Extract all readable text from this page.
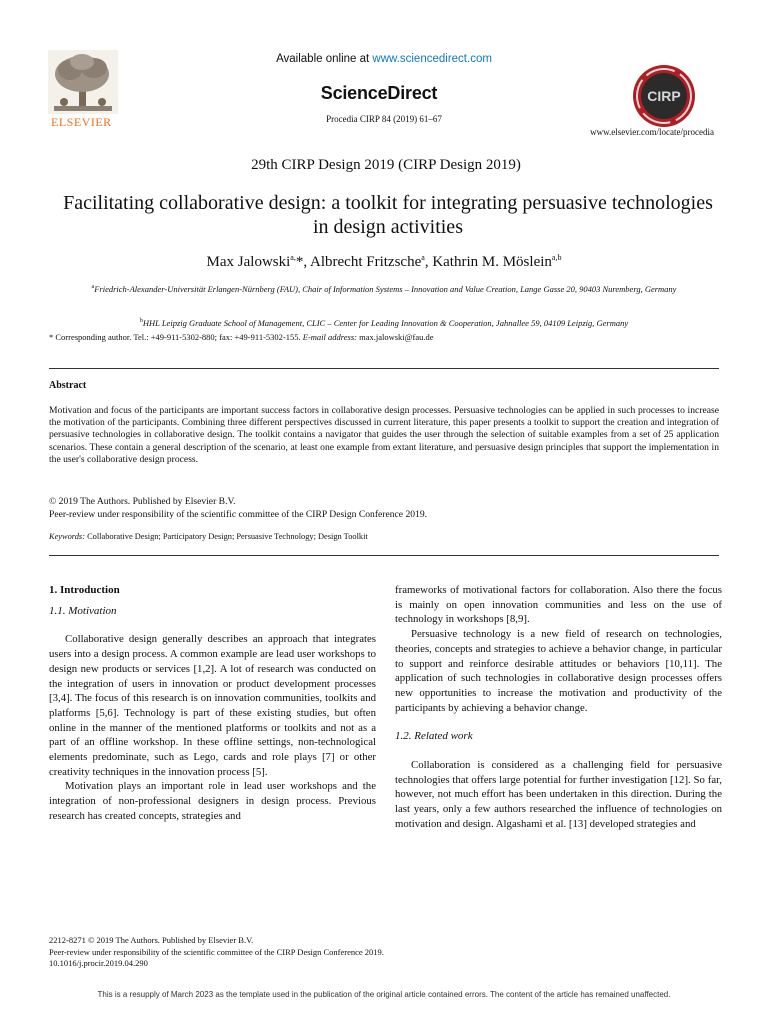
ELSEVIER
Available online at www.sciencedirect.com
ScienceDirect
Procedia CIRP 84 (2019) 61–67
CIRP
www.elsevier.com/locate/procedia
29th CIRP Design 2019 (CIRP Design 2019)
Facilitating collaborative design: a toolkit for integrating persuasive technologies in design activities
Max Jalowski$^{a,}$*, Albrecht Fritzsche$^a$, Kathrin M. Möslein$^{a,b}$
$^a$Friedrich-Alexander-Universität Erlangen-Nürnberg (FAU), Chair of Information Systems – Innovation and Value Creation, Lange Gasse 20, 90403 Nuremberg, Germany
$^b$HHL Leipzig Graduate School of Management, CLIC – Center for Leading Innovation & Cooperation, Jahnallee 59, 04109 Leipzig, Germany
* Corresponding author. Tel.: +49-911-5302-880; fax: +49-911-5302-155. E-mail address: max.jalowski@fau.de
Abstract
Motivation and focus of the participants are important success factors in collaborative design processes. Persuasive technologies can be applied in such processes to increase the motivation of the participants. Combining three different perspectives discussed in current literature, this paper presents a toolkit to support the creation and integration of persuasive technologies in collaborative design. The toolkit contains a navigator that guides the user through the selection of suitable examples from a set of 25 application scenarios. These contain a general description of the scenario, at least one example from extant literature, and persuasive design principles that support the implementation in the user's collaborative design process.
© 2019 The Authors. Published by Elsevier B.V.
Peer-review under responsibility of the scientific committee of the CIRP Design Conference 2019.
Keywords: Collaborative Design; Participatory Design; Persuasive Technology; Design Toolkit
1. Introduction
1.1. Motivation

Collaborative design generally describes an approach that integrates users into a design process. A common example are lead user workshops to design new products or services [1,2]. A lot of research was conducted on the integration of users in innovation or product development processes [3,4]. The focus of this research is on innovation communities, toolkits and platforms [5,6]. Technology is part of these existing studies, but often online in the manner of the mentioned platforms or toolkits and not as a part of an offline workshop. In these offline settings, non-technological elements predominate, such as Lego, cards and role plays [7] or other creativity techniques in the innovation process [5].

Motivation plays an important role in lead user workshops and the integration of non-professional designers in design process. Previous research has created concepts, strategies and

frameworks of motivational factors for collaboration. Also there the focus is mainly on open innovation communities and less on the use of technology in workshops [8,9].

Persuasive technology is a new field of research on technologies, theories, concepts and strategies to achieve a behavior change, in particular to support and reinforce desirable attitudes or behaviors [10,11]. The application of such technologies in collaborative design processes offers new opportunities to increase the motivation and productivity of the participants by achieving a behavior change.

1.2. Related work

Collaboration is considered as a challenging field for persuasive technologies that offers large potential for further investigation [12]. So far, however, not much effort has been undertaken in this direction. During the last years, only a few authors researched the influence of technologies on motivation and design. Algashami et al. [13] developed strategies and

2212-8271 © 2019 The Authors. Published by Elsevier B.V.
Peer-review under responsibility of the scientific committee of the CIRP Design Conference 2019.
10.1016/j.procir.2019.04.290
This is a resupply of March 2023 as the template used in the publication of the original article contained errors. The content of the article has remained unaffected.
